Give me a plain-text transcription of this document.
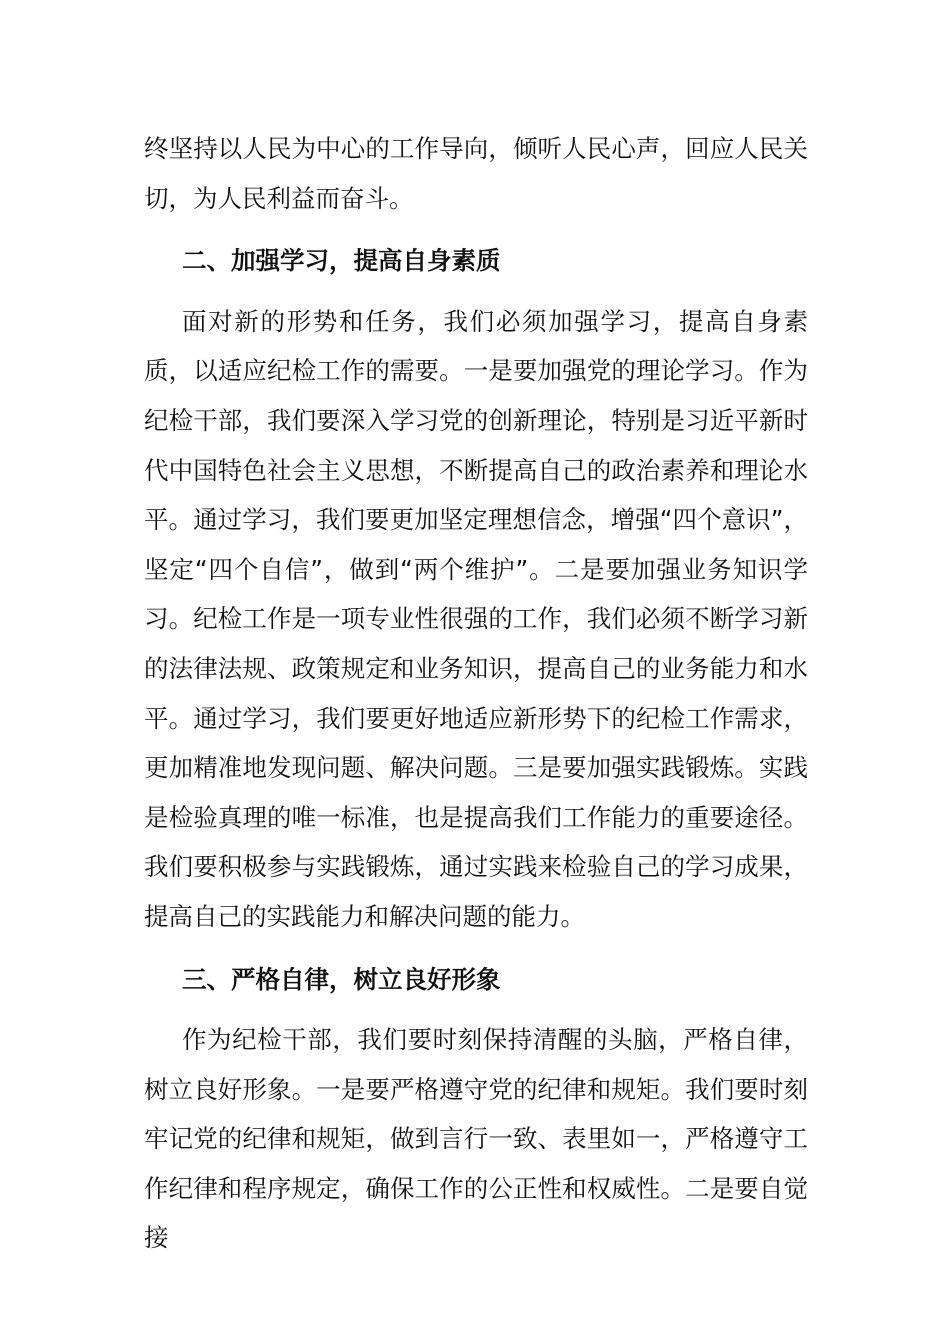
终坚持以人民为中心的工作导向，倾听人民心声，回应人民关切，为人民利益而奋斗。

二、加强学习，提高自身素质

面对新的形势和任务，我们必须加强学习，提高自身素质，以适应纪检工作的需要。一是要加强党的理论学习。作为纪检干部，我们要深入学习党的创新理论，特别是习近平新时代中国特色社会主义思想，不断提高自己的政治素养和理论水平。通过学习，我们要更加坚定理想信念，增强“四个意识”，坚定“四个自信”，做到“两个维护”。二是要加强业务知识学习。纪检工作是一项专业性很强的工作，我们必须不断学习新的法律法规、政策规定和业务知识，提高自己的业务能力和水平。通过学习，我们要更好地适应新形势下的纪检工作需求，更加精准地发现问题、解决问题。三是要加强实践锻炼。实践是检验真理的唯一标准，也是提高我们工作能力的重要途径。我们要积极参与实践锻炼，通过实践来检验自己的学习成果，提高自己的实践能力和解决问题的能力。

三、严格自律，树立良好形象

作为纪检干部，我们要时刻保持清醒的头脑，严格自律，树立良好形象。一是要严格遵守党的纪律和规矩。我们要时刻牢记党的纪律和规矩，做到言行一致、表里如一，严格遵守工作纪律和程序规定，确保工作的公正性和权威性。二是要自觉接
